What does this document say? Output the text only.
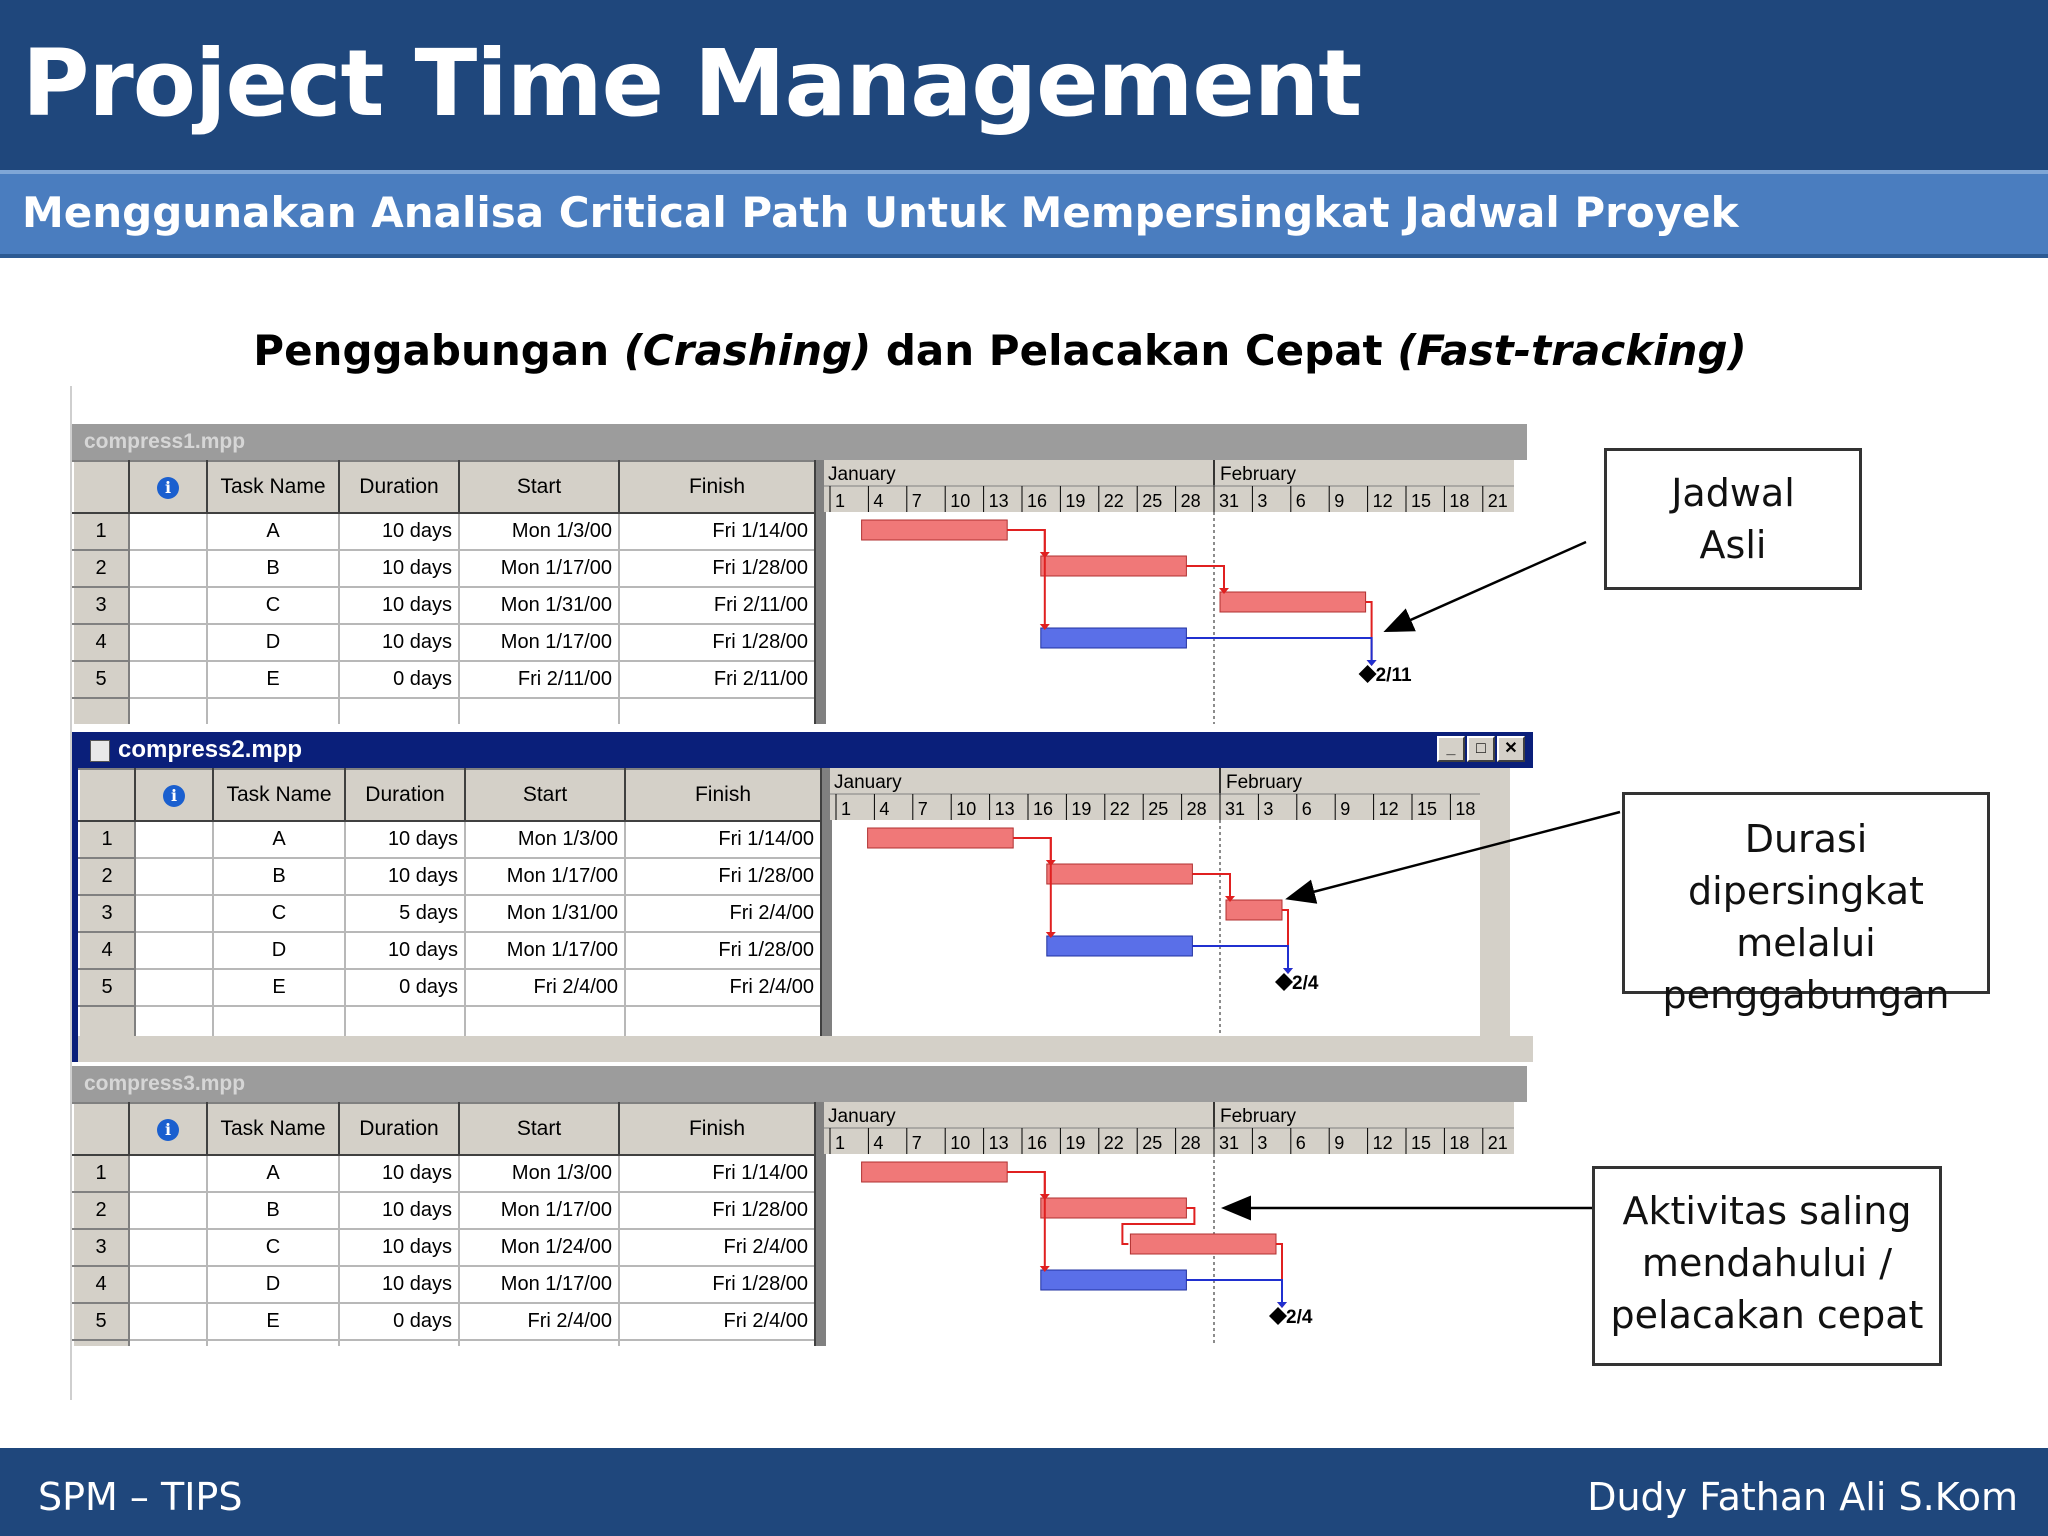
Project Time Management
Menggunakan Analisa Critical Path Untuk Mempersingkat Jadwal Proyek
Penggabungan (Crashing) dan Pelacakan Cepat (Fast-tracking)
compress1.mpp
	i	Task Name	Duration	Start	Finish
1		A	10 days	Mon 1/3/00	Fri 1/14/00
2		B	10 days	Mon 1/17/00	Fri 1/28/00
3		C	10 days	Mon 1/31/00	Fri 2/11/00
4		D	10 days	Mon 1/17/00	Fri 1/28/00
5		E	0 days	Fri 2/11/00	Fri 2/11/00

January	February
1 4 7 10 13 16 19 22 25 28 31 3 6 9 12 15 18 21
2/11
compress2.mpp	_	□	✕
	i	Task Name	Duration	Start	Finish
1		A	10 days	Mon 1/3/00	Fri 1/14/00
2		B	10 days	Mon 1/17/00	Fri 1/28/00
3		C	5 days	Mon 1/31/00	Fri 2/4/00
4		D	10 days	Mon 1/17/00	Fri 1/28/00
5		E	0 days	Fri 2/4/00	Fri 2/4/00

January	February
1 4 7 10 13 16 19 22 25 28 31 3 6 9 12 15 18
2/4
compress3.mpp
	i	Task Name	Duration	Start	Finish
1		A	10 days	Mon 1/3/00	Fri 1/14/00
2		B	10 days	Mon 1/17/00	Fri 1/28/00
3		C	10 days	Mon 1/24/00	Fri 2/4/00
4		D	10 days	Mon 1/17/00	Fri 1/28/00
5		E	0 days	Fri 2/4/00	Fri 2/4/00

January	February
1 4 7 10 13 16 19 22 25 28 31 3 6 9 12 15 18 21
2/4
Jadwal
Asli
Durasi dipersingkat
melalui
penggabungan
Aktivitas saling
mendahului /
pelacakan cepat
SPM – TIPS	Dudy Fathan Ali S.Kom
